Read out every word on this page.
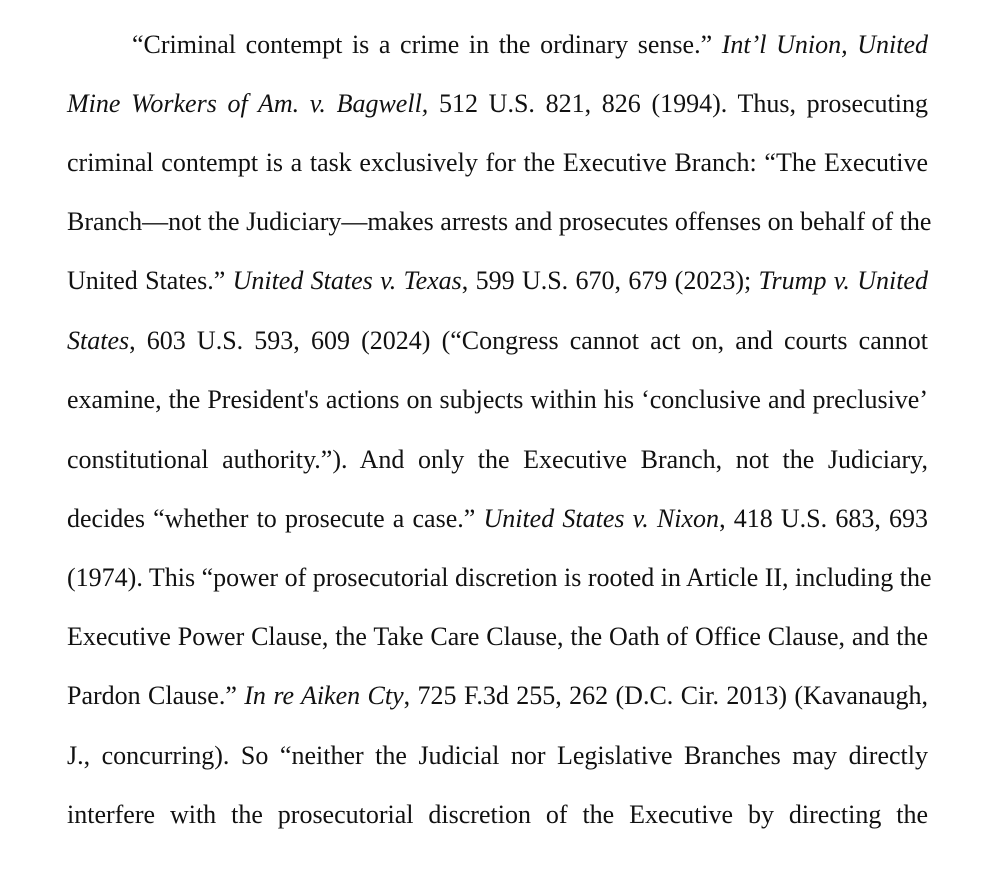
“Criminal contempt is a crime in the ordinary sense.” Int’l Union, United
Mine Workers of Am. v. Bagwell, 512 U.S. 821, 826 (1994). Thus, prosecuting
criminal contempt is a task exclusively for the Executive Branch: “The Executive
Branch—not the Judiciary—makes arrests and prosecutes offenses on behalf of the
United States.” United States v. Texas, 599 U.S. 670, 679 (2023); Trump v. United
States, 603 U.S. 593, 609 (2024) (“Congress cannot act on, and courts cannot
examine, the President's actions on subjects within his ‘conclusive and preclusive’
constitutional authority.”). And only the Executive Branch, not the Judiciary,
decides “whether to prosecute a case.” United States v. Nixon, 418 U.S. 683, 693
(1974). This “power of prosecutorial discretion is rooted in Article II, including the
Executive Power Clause, the Take Care Clause, the Oath of Office Clause, and the
Pardon Clause.” In re Aiken Cty, 725 F.3d 255, 262 (D.C. Cir. 2013) (Kavanaugh,
J., concurring). So “neither the Judicial nor Legislative Branches may directly
interfere with the prosecutorial discretion of the Executive by directing the
